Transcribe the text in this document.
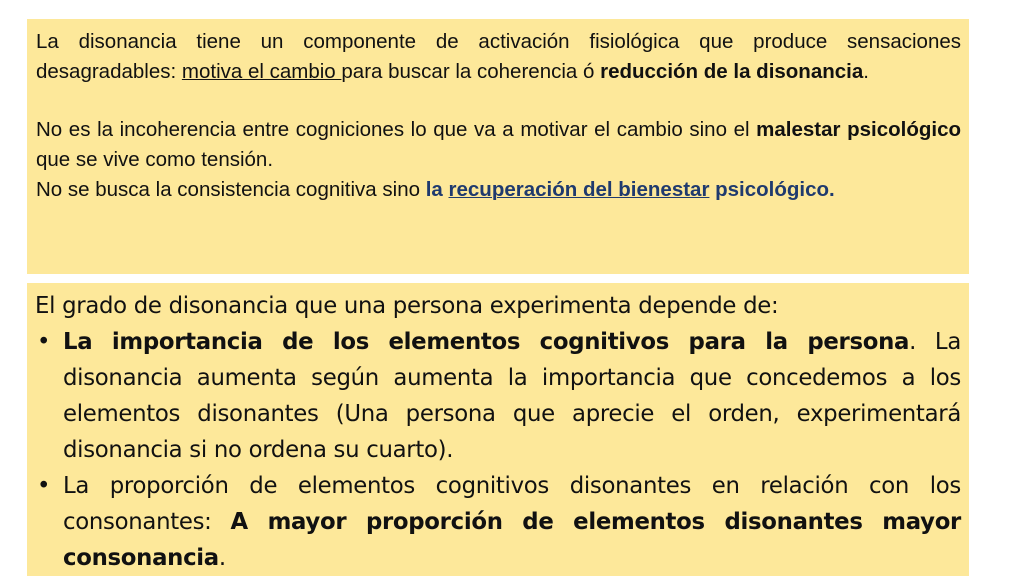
La disonancia tiene un componente de activación fisiológica que produce sensaciones desagradables: motiva el cambio para buscar la coherencia ó reducción de la disonancia.

No es la incoherencia entre cogniciones lo que va a motivar el cambio sino el malestar psicológico que se vive como tensión.

No se busca la consistencia cognitiva sino la recuperación del bienestar psicológico.

El grado de disonancia que una persona experimenta depende de:

• La importancia de los elementos cognitivos para la persona. La disonancia aumenta según aumenta la importancia que concedemos a los elementos disonantes (Una persona que aprecie el orden, experimentará disonancia si no ordena su cuarto).
• La proporción de elementos cognitivos disonantes en relación con los consonantes: A mayor proporción de elementos disonantes mayor consonancia.
